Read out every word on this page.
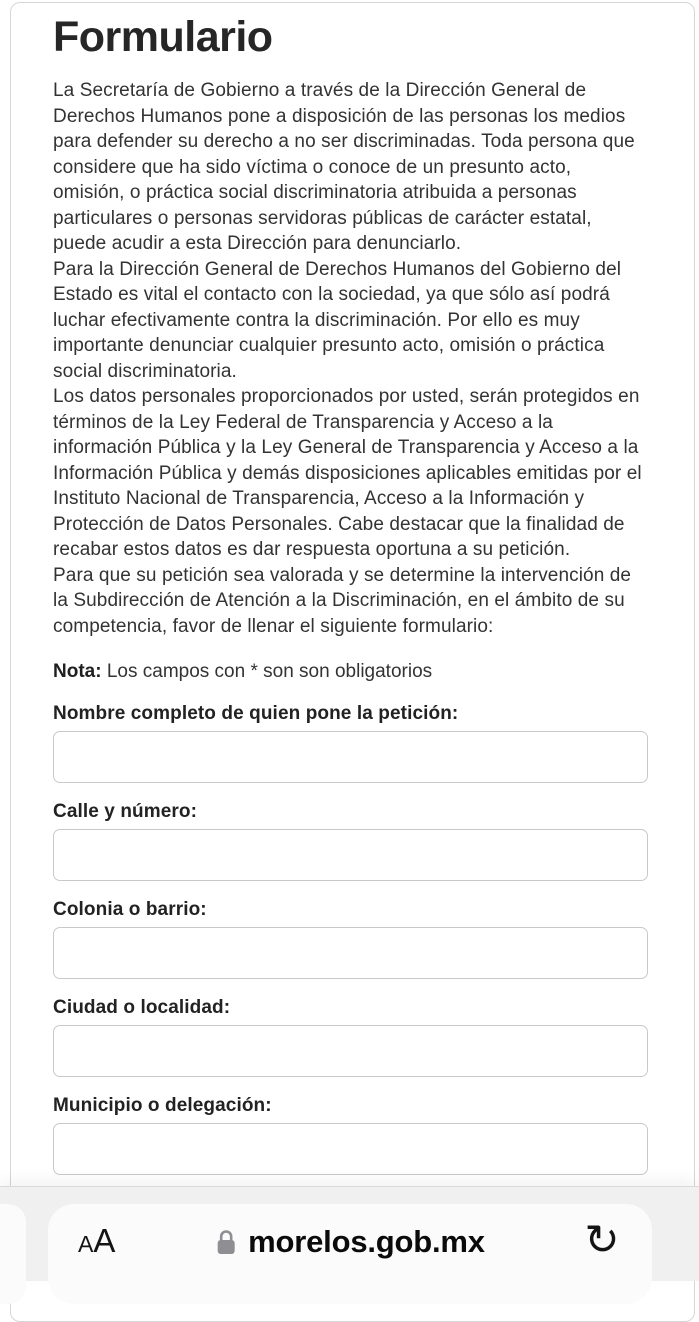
Formulario

La Secretaría de Gobierno a través de la Dirección General de Derechos Humanos pone a disposición de las personas los medios para defender su derecho a no ser discriminadas. Toda persona que considere que ha sido víctima o conoce de un presunto acto, omisión, o práctica social discriminatoria atribuida a personas particulares o personas servidoras públicas de carácter estatal, puede acudir a esta Dirección para denunciarlo.

Para la Dirección General de Derechos Humanos del Gobierno del Estado es vital el contacto con la sociedad, ya que sólo así podrá luchar efectivamente contra la discriminación. Por ello es muy importante denunciar cualquier presunto acto, omisión o práctica social discriminatoria.

Los datos personales proporcionados por usted, serán protegidos en términos de la Ley Federal de Transparencia y Acceso a la información Pública y la Ley General de Transparencia y Acceso a la Información Pública y demás disposiciones aplicables emitidas por el Instituto Nacional de Transparencia, Acceso a la Información y Protección de Datos Personales. Cabe destacar que la finalidad de recabar estos datos es dar respuesta oportuna a su petición.

Para que su petición sea valorada y se determine la intervención de la Subdirección de Atención a la Discriminación, en el ámbito de su competencia, favor de llenar el siguiente formulario:

Nota: Los campos con * son son obligatorios
Nombre completo de quien pone la petición:
Calle y número:
Colonia o barrio:
Ciudad o localidad:
Municipio o delegación:
A A	morelos.gob.mx ↻
